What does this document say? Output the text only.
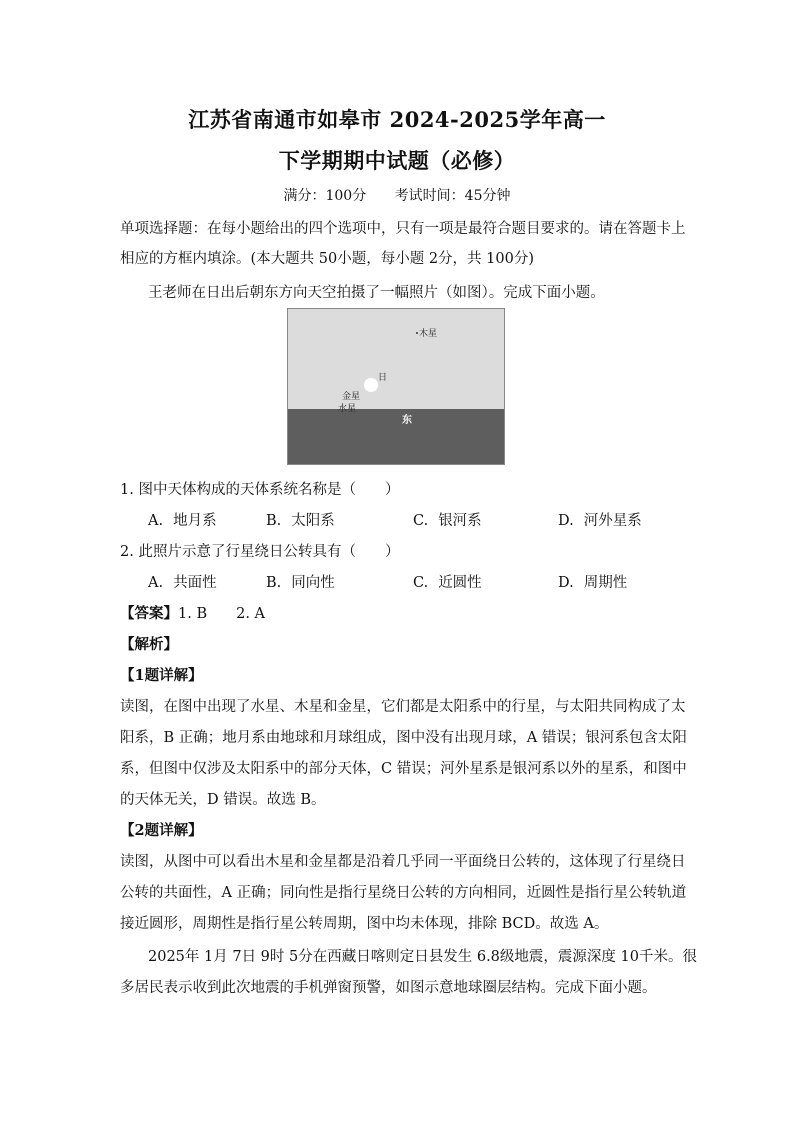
江苏省南通市如皋市 2024-2025学年高一
下学期期中试题（必修）
满分：100分 考试时间：45分钟
单项选择题：在每小题给出的四个选项中，只有一项是最符合题目要求的。请在答题卡上
相应的方框内填涂。(本大题共 50小题，每小题 2分，共 100分)
王老师在日出后朝东方向天空拍摄了一幅照片（如图）。完成下面小题。
木星
日
金星
水星
东
1. 图中天体构成的天体系统名称是（　　）
A. 地月系	B. 太阳系	C. 银河系	D. 河外星系
2. 此照片示意了行星绕日公转具有（　　）
A. 共面性	B. 同向性	C. 近圆性	D. 周期性
【答案】1. B　　2. A
【解析】
【1题详解】
读图，在图中出现了水星、木星和金星，它们都是太阳系中的行星，与太阳共同构成了太
阳系，B 正确；地月系由地球和月球组成，图中没有出现月球，A 错误；银河系包含太阳
系，但图中仅涉及太阳系中的部分天体，C 错误；河外星系是银河系以外的星系，和图中
的天体无关，D 错误。故选 B。
【2题详解】
读图，从图中可以看出木星和金星都是沿着几乎同一平面绕日公转的，这体现了行星绕日
公转的共面性，A 正确；同向性是指行星绕日公转的方向相同，近圆性是指行星公转轨道
接近圆形，周期性是指行星公转周期，图中均未体现，排除 BCD。故选 A。
2025年 1月 7日 9时 5分在西藏日喀则定日县发生 6.8级地震，震源深度 10千米。很
多居民表示收到此次地震的手机弹窗预警，如图示意地球圈层结构。完成下面小题。
